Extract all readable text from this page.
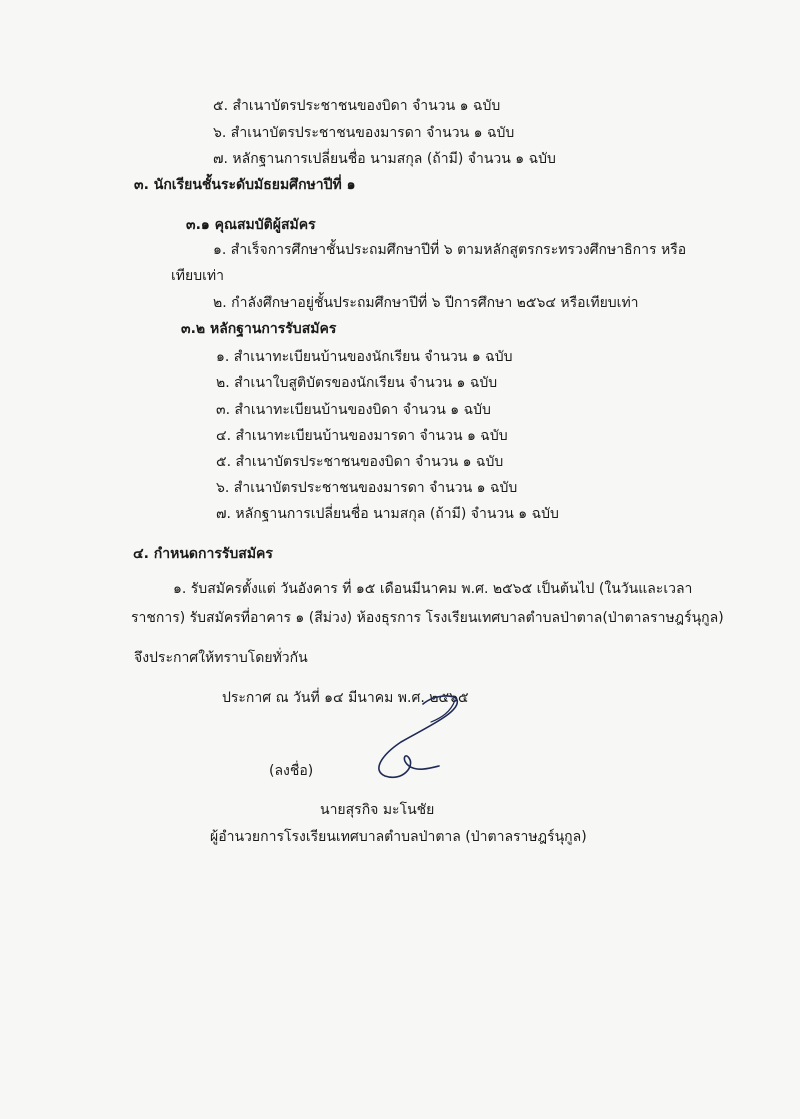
๕. สำเนาบัตรประชาชนของบิดา จำนวน ๑ ฉบับ
๖. สำเนาบัตรประชาชนของมารดา จำนวน ๑ ฉบับ
๗. หลักฐานการเปลี่ยนชื่อ นามสกุล (ถ้ามี) จำนวน ๑ ฉบับ
๓. นักเรียนชั้นระดับมัธยมศึกษาปีที่ ๑
๓.๑ คุณสมบัติผู้สมัคร
๑. สำเร็จการศึกษาชั้นประถมศึกษาปีที่ ๖ ตามหลักสูตรกระทรวงศึกษาธิการ หรือ
เทียบเท่า
๒. กำลังศึกษาอยู่ชั้นประถมศึกษาปีที่ ๖ ปีการศึกษา ๒๕๖๔ หรือเทียบเท่า
๓.๒ หลักฐานการรับสมัคร
๑. สำเนาทะเบียนบ้านของนักเรียน จำนวน ๑ ฉบับ
๒. สำเนาใบสูติบัตรของนักเรียน จำนวน ๑ ฉบับ
๓. สำเนาทะเบียนบ้านของบิดา จำนวน ๑ ฉบับ
๔. สำเนาทะเบียนบ้านของมารดา จำนวน ๑ ฉบับ
๕. สำเนาบัตรประชาชนของบิดา จำนวน ๑ ฉบับ
๖. สำเนาบัตรประชาชนของมารดา จำนวน ๑ ฉบับ
๗. หลักฐานการเปลี่ยนชื่อ นามสกุล (ถ้ามี) จำนวน ๑ ฉบับ
๔. กำหนดการรับสมัคร
๑. รับสมัครตั้งแต่ วันอังคาร ที่ ๑๕ เดือนมีนาคม พ.ศ. ๒๕๖๕ เป็นต้นไป (ในวันและเวลา
ราชการ) รับสมัครที่อาคาร ๑ (สีม่วง) ห้องธุรการ โรงเรียนเทศบาลตำบลป่าตาล(ป่าตาลราษฎร์นุกูล)
จึงประกาศให้ทราบโดยทั่วกัน
ประกาศ ณ วันที่ ๑๔ มีนาคม พ.ศ. ๒๕๖๕
(ลงชื่อ)
นายสุรกิจ มะโนชัย
ผู้อำนวยการโรงเรียนเทศบาลตำบลป่าตาล (ป่าตาลราษฎร์นุกูล)
